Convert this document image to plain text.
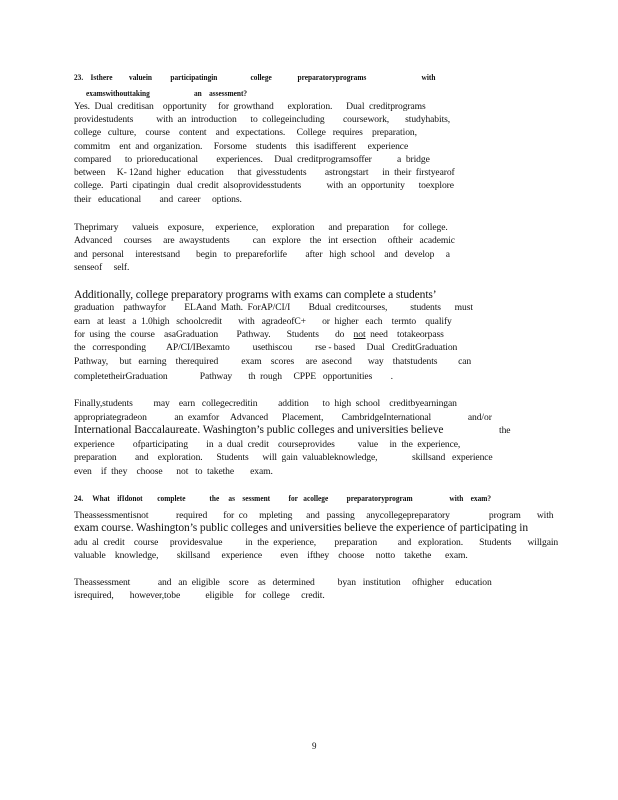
23.    Isthere         valuein          participatingin                  college              preparatoryprograms                              with
examswithouttaking                        an    assessment?
Yes.  Dual  creditisan    opportunity     for  growthand      exploration.      Dual  creditprograms
providestudents          with  an  introduction      to  collegeincluding        coursework,       studyhabits,
college   culture,    course    content    and   expectations.     College   requires    preparation,
commitm    ent  and  organization.     Forsome    students    this  isadifferent     experience
compared      to  prioreducational        experiences.     Dual  creditprogramsoffer           a  bridge
between     K- 12and  higher   education      that  givesstudents        astrongstart      in  their  firstyearof
college.   Parti  cipatingin   dual  credit  alsoprovidesstudents           with  an  opportunity      toexplore
their   educational        and  career     options.
Theprimary      valueis    exposure,     experience,      exploration      and  preparation      for  college.
Advanced     courses     are  awaystudents          can   explore    the   int  ersection     oftheir   academic
and  personal     interestsand       begin   to  prepareforlife        after   high  school    and   develop     a
senseof     self.
Additionally, college preparatory programs with exams can complete a students’
graduation    pathwayfor        ELAand  Math.  ForAP/CI/I        Bdual  creditcourses,          students      must
earn   at  least   a  1.0high   schoolcredit       with   agradeofC+       or  higher   each    termto    qualify
for  using  the  course    asaGraduation        Pathway.       Students       do    not  need    totakeorpass
the   corresponding         AP/CI/IBexamto          usethiscou          rse - based     Dual   CreditGraduation
Pathway,     but   earning    therequired          exam    scores     are  asecond       way    thatstudents         can
completetheirGraduation              Pathway       th  rough     CPPE   opportunities        .
Finally,students         may    earn   collegecreditin         addition      to  high  school    creditbyearningan
appropriategradeon            an  examfor     Advanced      Placement,        CambridgeInternational                and/or
International Baccalaureate. Washington’s public colleges and universities believe	the
experience        ofparticipating        in  a  dual  credit    courseprovides          value     in  the  experience,
preparation        and    exploration.      Students      will  gain  valuableknowledge,               skillsand   experience
even    if  they    choose      not   to  takethe       exam.
24.     What    ifIdonot        complete             the     as    sessment          for   acollege          preparatoryprogram                    with    exam?
Theassessmentisnot            required       for  co     mpleting      and   passing     anycollegepreparatory                 program       with
exam course. Washington’s public colleges and universities believe the experience of participating in
adu  al  credit    course     providesvalue          in  the  experience,        preparation         and   exploration.       Students       willgain
valuable    knowledge,        skillsand     experience        even    ifthey    choose     notto    takethe      exam.
Theassessment            and   an  eligible    score    as   determined          byan   institution     ofhigher     education
isrequired,       however,tobe           eligible     for   college     credit.
9
